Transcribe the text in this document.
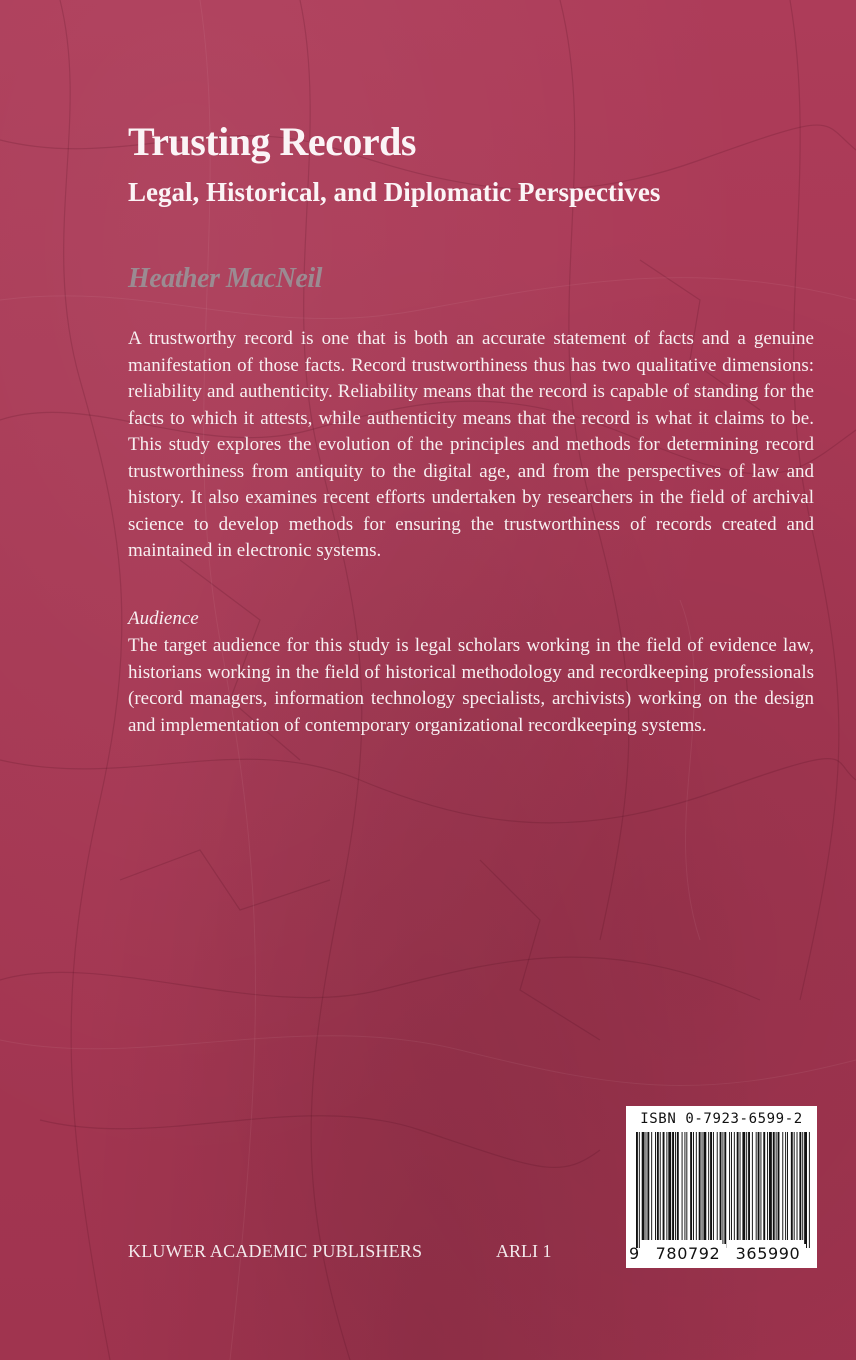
Trusting Records
Legal, Historical, and Diplomatic Perspectives
Heather MacNeil

A trustworthy record is one that is both an accurate statement of facts and a genuine manifestation of those facts. Record trustworthiness thus has two qualitative dimensions: reliability and authenticity. Reliability means that the record is capable of standing for the facts to which it attests, while authenticity means that the record is what it claims to be. This study explores the evolution of the principles and methods for determining record trustworthiness from antiquity to the digital age, and from the perspectives of law and history. It also examines recent efforts undertaken by researchers in the field of archival science to develop methods for ensuring the trustworthiness of records created and maintained in electronic systems.

Audience

The target audience for this study is legal scholars working in the field of evidence law, historians working in the field of historical methodology and recordkeeping professionals (record managers, information technology specialists, archivists) working on the design and implementation of contemporary organizational recordkeeping systems.

KLUWER ACADEMIC PUBLISHERS	ARLI 1
ISBN 0-7923-6599-2
9	780792 365990
